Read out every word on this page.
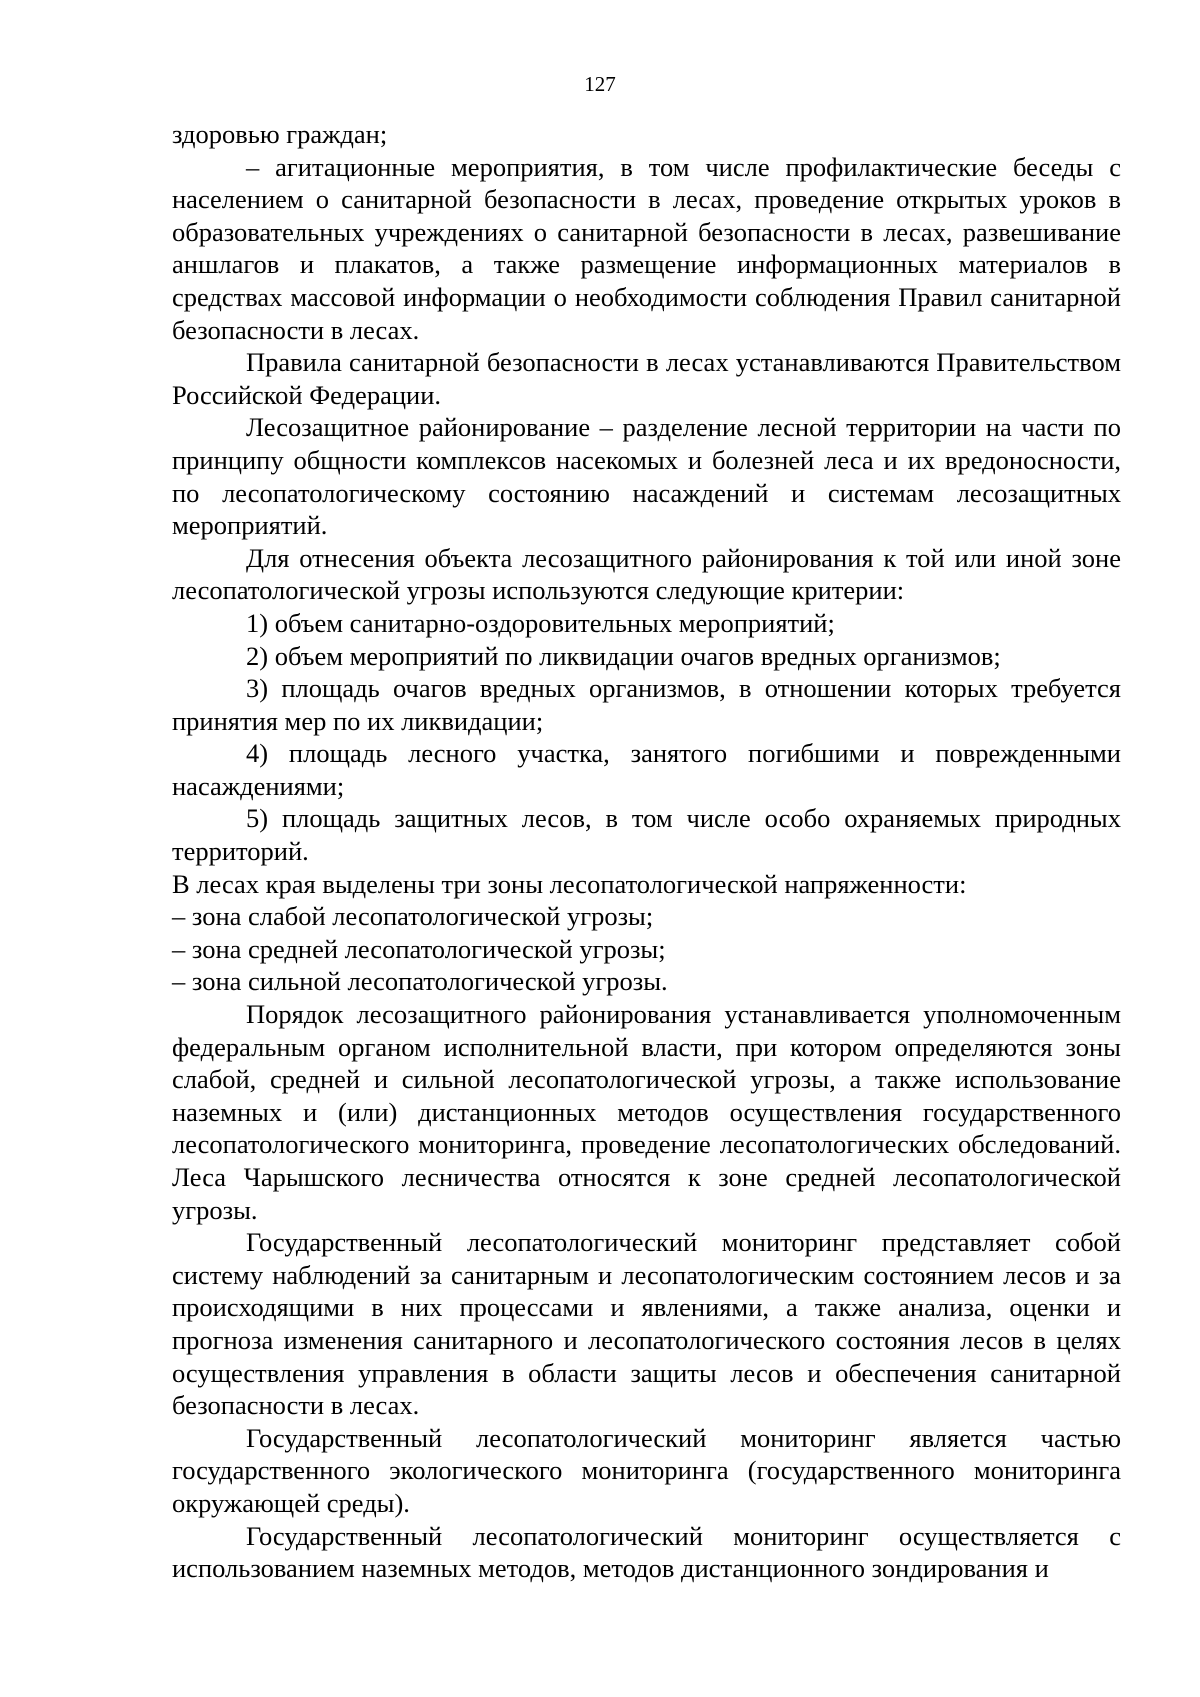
127

здоровью граждан;

– агитационные мероприятия, в том числе профилактические беседы с населением о санитарной безопасности в лесах, проведение открытых уроков в образовательных учреждениях о санитарной безопасности в лесах, развешивание аншлагов и плакатов, а также размещение информационных материалов в средствах массовой информации о необходимости соблюдения Правил санитарной безопасности в лесах.

Правила санитарной безопасности в лесах устанавливаются Правительством Российской Федерации.

Лесозащитное районирование – разделение лесной территории на части по принципу общности комплексов насекомых и болезней леса и их вредоносности, по лесопатологическому состоянию насаждений и системам лесозащитных мероприятий.

Для отнесения объекта лесозащитного районирования к той или иной зоне лесопатологической угрозы используются следующие критерии:

1) объем санитарно-оздоровительных мероприятий;

2) объем мероприятий по ликвидации очагов вредных организмов;

3) площадь очагов вредных организмов, в отношении которых требуется принятия мер по их ликвидации;

4) площадь лесного участка, занятого погибшими и поврежденными насаждениями;

5) площадь защитных лесов, в том числе особо охраняемых природных территорий.

В лесах края выделены три зоны лесопатологической напряженности:

– зона слабой лесопатологической угрозы;

– зона средней лесопатологической угрозы;

– зона сильной лесопатологической угрозы.

Порядок лесозащитного районирования устанавливается уполномоченным федеральным органом исполнительной власти, при котором определяются зоны слабой, средней и сильной лесопатологической угрозы, а также использование наземных и (или) дистанционных методов осуществления государственного лесопатологического мониторинга, проведение лесопатологических обследований. Леса Чарышского лесничества относятся к зоне средней лесопатологической угрозы.

Государственный лесопатологический мониторинг представляет собой систему наблюдений за санитарным и лесопатологическим состоянием лесов и за происходящими в них процессами и явлениями, а также анализа, оценки и прогноза изменения санитарного и лесопатологического состояния лесов в целях осуществления управления в области защиты лесов и обеспечения санитарной безопасности в лесах.

Государственный лесопатологический мониторинг является частью государственного экологического мониторинга (государственного мониторинга окружающей среды).

Государственный лесопатологический мониторинг осуществляется с использованием наземных методов, методов дистанционного зондирования и
